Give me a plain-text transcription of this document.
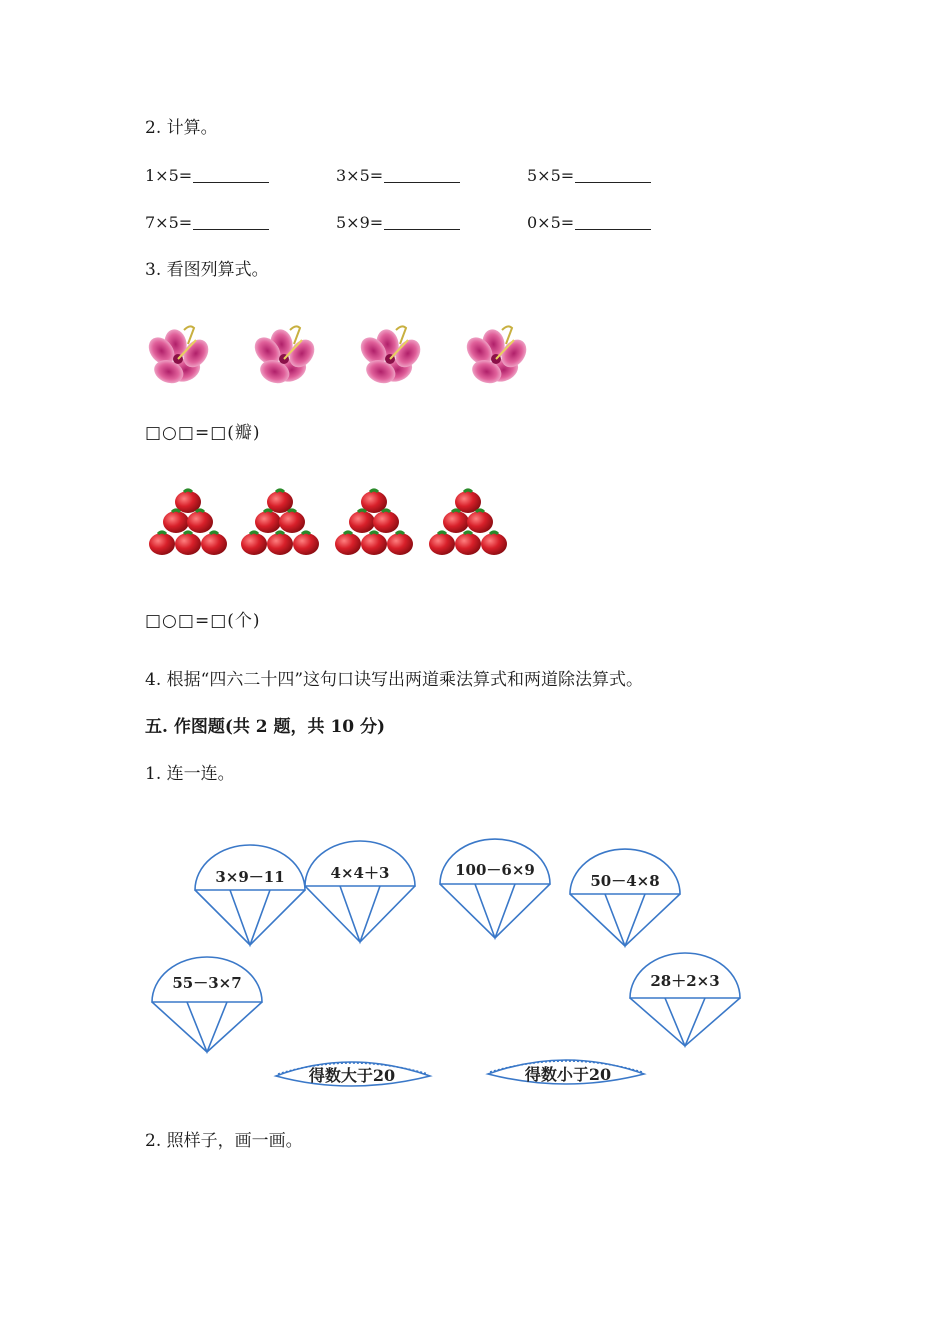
2. 计算。
1×5=	3×5=	5×5=
7×5=	5×9=	0×5=
3. 看图列算式。
□○□=□(瓣)
□○□=□(个)
4. 根据“四六二十四”这句口诀写出两道乘法算式和两道除法算式。
五. 作图题(共 2 题，共 10 分)
1. 连一连。
3×9－11	4×4＋3	100－6×9
50－4×8
55－3×7	28＋2×3
得数大于20	得数小于20
2. 照样子，画一画。
